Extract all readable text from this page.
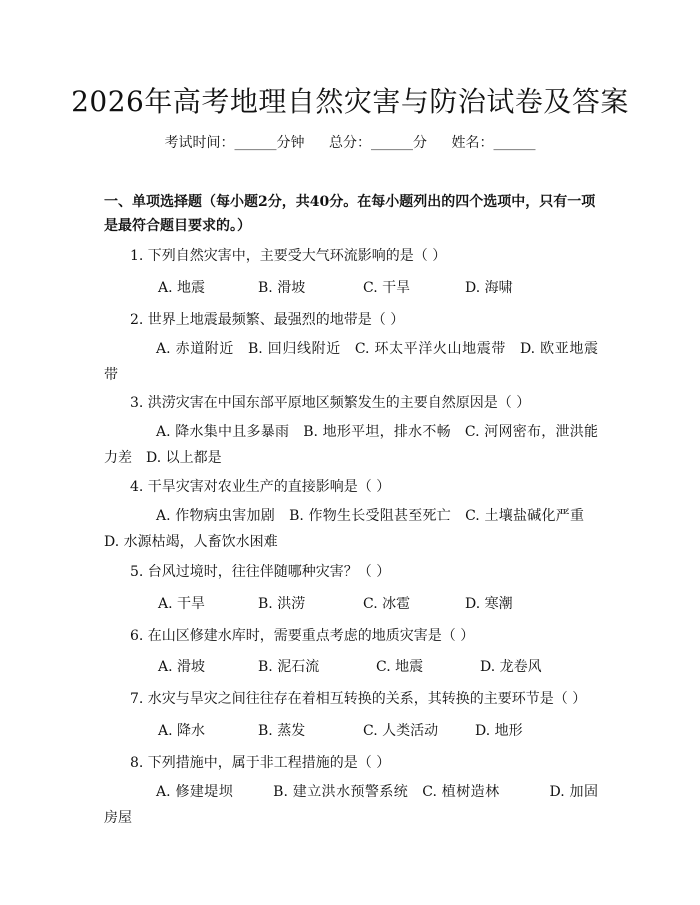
2026年高考地理自然灾害与防治试卷及答案
考试时间：______分钟 总分：______分 姓名：______
一、单项选择题（每小题2分，共40分。在每小题列出的四个选项中，只有一项是最符合题目要求的。）
1. 下列自然灾害中，主要受大气环流影响的是（ ）
A. 地震	B. 滑坡	C. 干旱	D. 海啸
2. 世界上地震最频繁、最强烈的地带是（ ）
A. 赤道附近 B. 回归线附近 C. 环太平洋火山地震带 D. 欧亚地震带
3. 洪涝灾害在中国东部平原地区频繁发生的主要自然原因是（ ）
A. 降水集中且多暴雨 B. 地形平坦，排水不畅 C. 河网密布，泄洪能力差 D. 以上都是
4. 干旱灾害对农业生产的直接影响是（ ）
A. 作物病虫害加剧 B. 作物生长受阻甚至死亡 C. 土壤盐碱化严重D. 水源枯竭，人畜饮水困难
5. 台风过境时，往往伴随哪种灾害？（ ）
A. 干旱	B. 洪涝	C. 冰雹	D. 寒潮
6. 在山区修建水库时，需要重点考虑的地质灾害是（ ）
A. 滑坡	B. 泥石流	C. 地震	D. 龙卷风
7. 水灾与旱灾之间往往存在着相互转换的关系，其转换的主要环节是（ ）
A. 降水	B. 蒸发	C. 人类活动	D. 地形
8. 下列措施中，属于非工程措施的是（ ）
A. 修建堤坝	B. 建立洪水预警系统 C. 植树造林	D. 加固房屋
